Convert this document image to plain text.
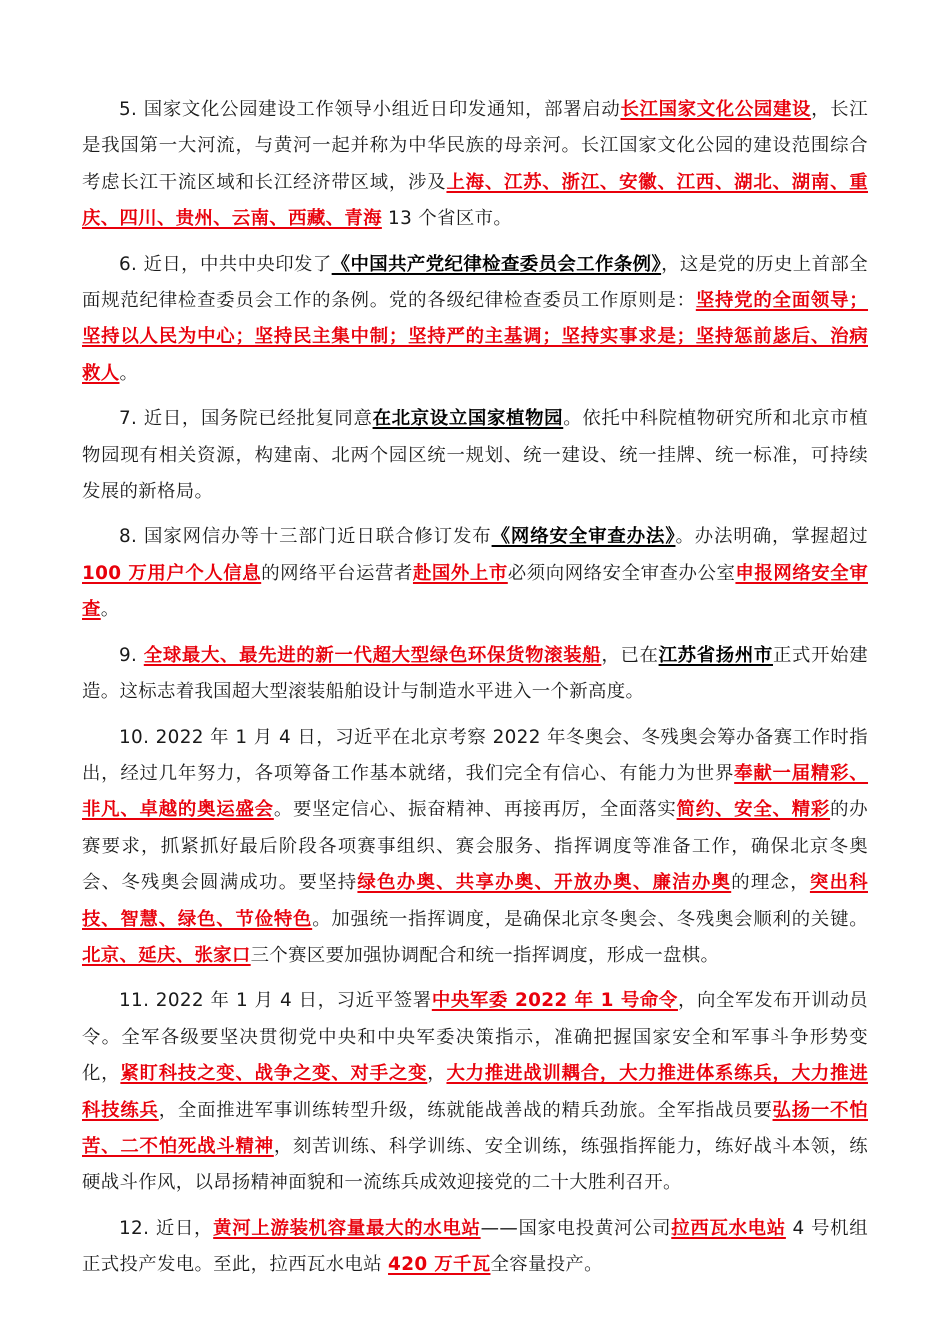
5. 国家文化公园建设工作领导小组近日印发通知，部署启动长江国家文化公园建设，长江是我国第一大河流，与黄河一起并称为中华民族的母亲河。长江国家文化公园的建设范围综合考虑长江干流区域和长江经济带区域，涉及上海、江苏、浙江、安徽、江西、湖北、湖南、重庆、四川、贵州、云南、西藏、青海 13 个省区市。

6. 近日，中共中央印发了《中国共产党纪律检查委员会工作条例》，这是党的历史上首部全面规范纪律检查委员会工作的条例。党的各级纪律检查委员工作原则是：坚持党的全面领导；坚持以人民为中心；坚持民主集中制；坚持严的主基调；坚持实事求是；坚持惩前毖后、治病救人。

7. 近日，国务院已经批复同意在北京设立国家植物园。依托中科院植物研究所和北京市植物园现有相关资源，构建南、北两个园区统一规划、统一建设、统一挂牌、统一标准，可持续发展的新格局。

8. 国家网信办等十三部门近日联合修订发布《网络安全审查办法》。办法明确，掌握超过 100 万用户个人信息的网络平台运营者赴国外上市必须向网络安全审查办公室申报网络安全审查。

9. 全球最大、最先进的新一代超大型绿色环保货物滚装船，已在江苏省扬州市正式开始建造。这标志着我国超大型滚装船舶设计与制造水平进入一个新高度。

10. 2022 年 1 月 4 日，习近平在北京考察 2022 年冬奥会、冬残奥会筹办备赛工作时指出，经过几年努力，各项筹备工作基本就绪，我们完全有信心、有能力为世界奉献一届精彩、非凡、卓越的奥运盛会。要坚定信心、振奋精神、再接再厉，全面落实简约、安全、精彩的办赛要求，抓紧抓好最后阶段各项赛事组织、赛会服务、指挥调度等准备工作，确保北京冬奥会、冬残奥会圆满成功。要坚持绿色办奥、共享办奥、开放办奥、廉洁办奥的理念，突出科技、智慧、绿色、节俭特色。加强统一指挥调度，是确保北京冬奥会、冬残奥会顺利的关键。北京、延庆、张家口三个赛区要加强协调配合和统一指挥调度，形成一盘棋。

11. 2022 年 1 月 4 日，习近平签署中央军委 2022 年 1 号命令，向全军发布开训动员令。全军各级要坚决贯彻党中央和中央军委决策指示，准确把握国家安全和军事斗争形势变化，紧盯科技之变、战争之变、对手之变，大力推进战训耦合，大力推进体系练兵，大力推进科技练兵，全面推进军事训练转型升级，练就能战善战的精兵劲旅。全军指战员要弘扬一不怕苦、二不怕死战斗精神，刻苦训练、科学训练、安全训练，练强指挥能力，练好战斗本领，练硬战斗作风，以昂扬精神面貌和一流练兵成效迎接党的二十大胜利召开。

12. 近日，黄河上游装机容量最大的水电站——国家电投黄河公司拉西瓦水电站 4 号机组正式投产发电。至此，拉西瓦水电站 420 万千瓦全容量投产。
